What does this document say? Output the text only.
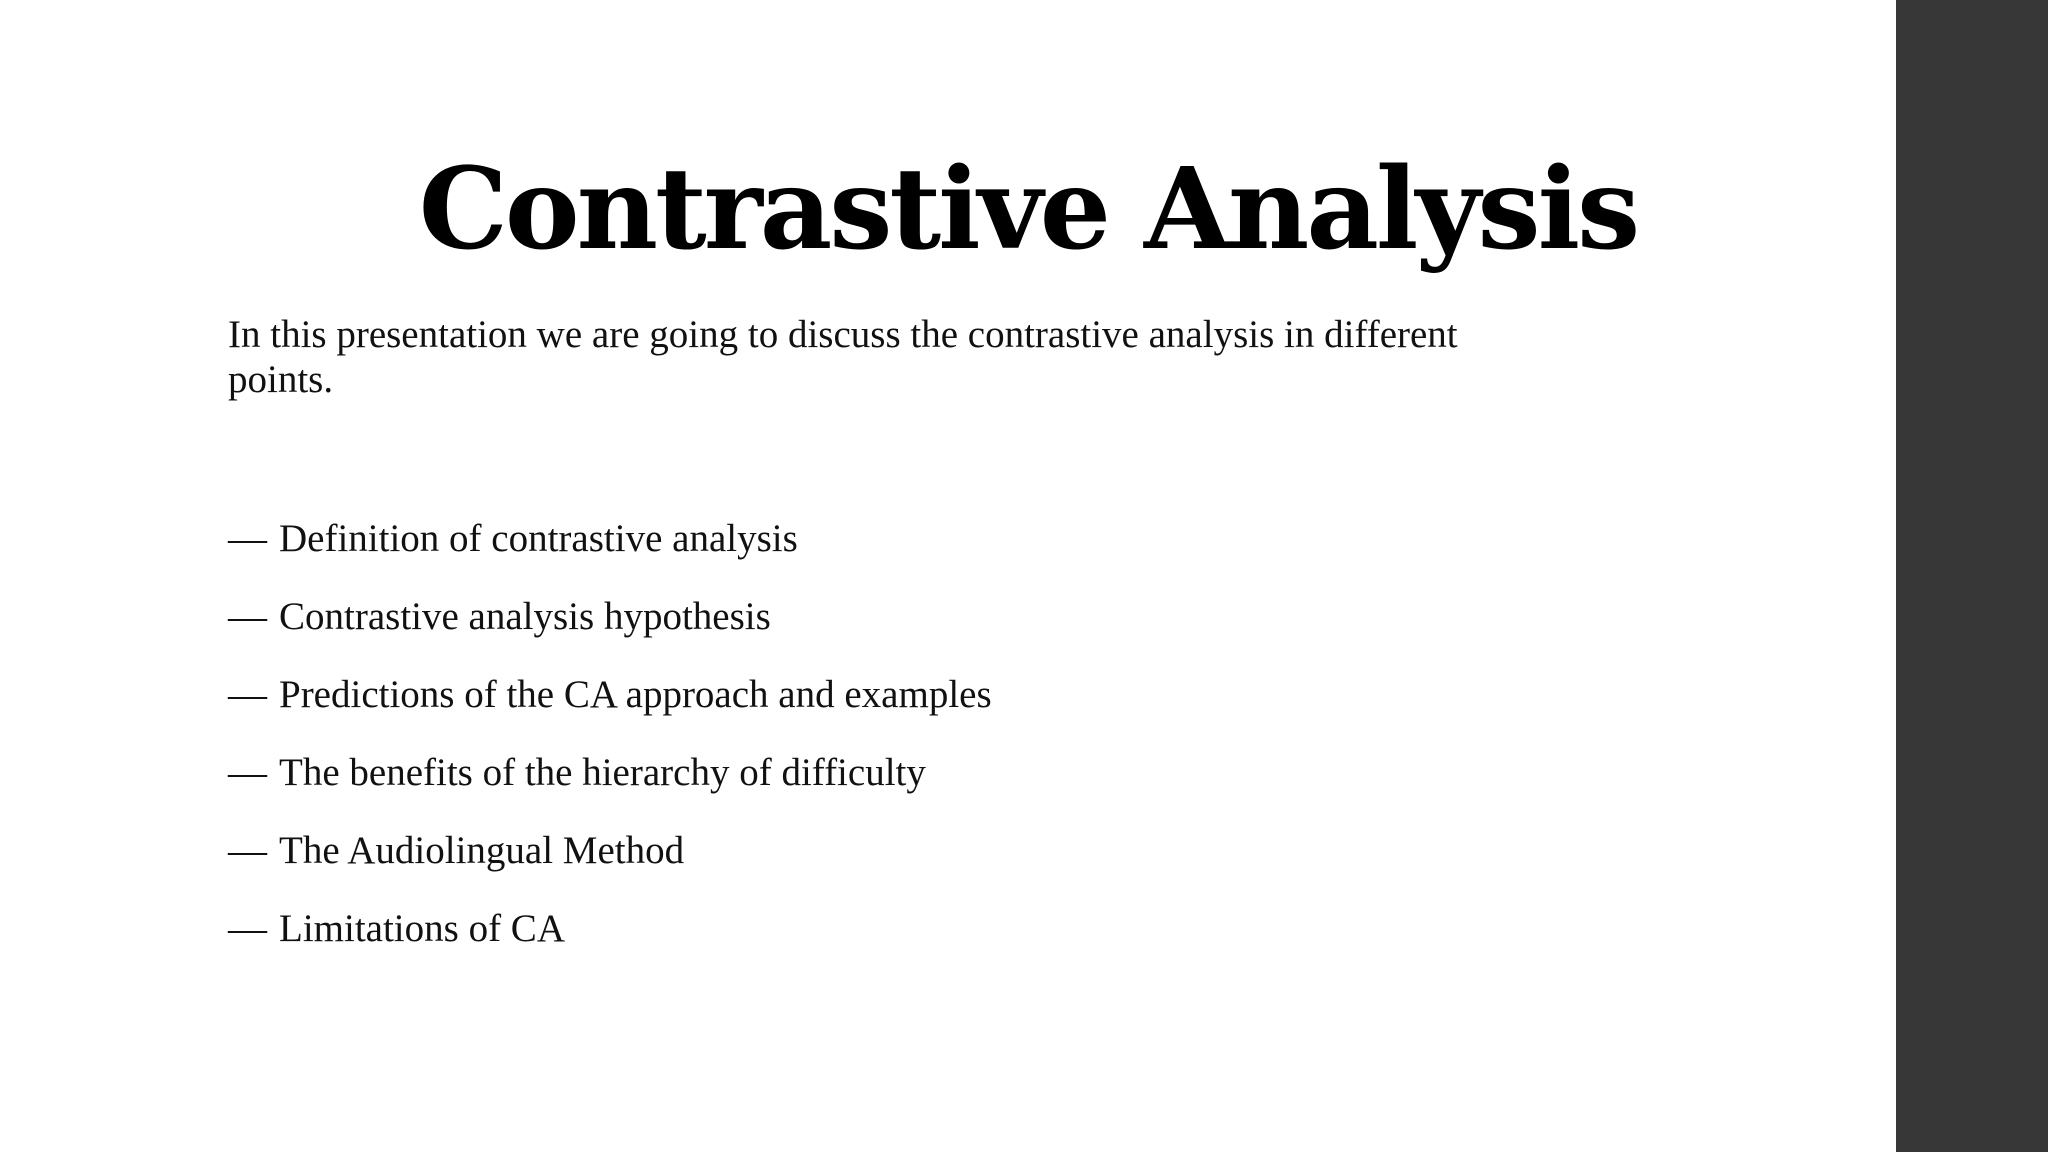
Contrastive Analysis

In this presentation we are going to discuss the contrastive analysis in different points.

— Definition of contrastive analysis
— Contrastive analysis hypothesis
— Predictions of the CA approach and examples
— The benefits of the hierarchy of difficulty
— The Audiolingual Method
— Limitations of CA
